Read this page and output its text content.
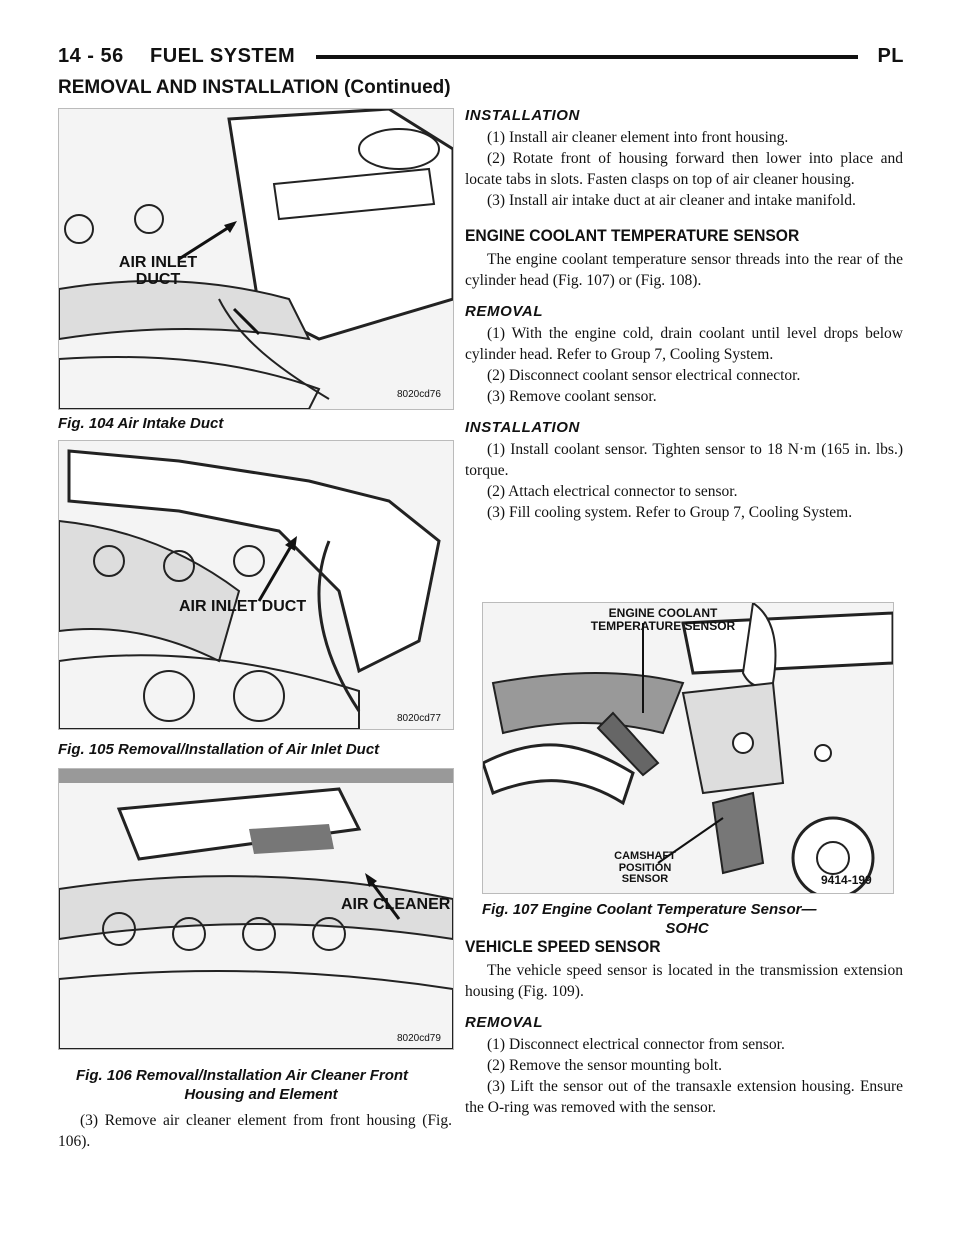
14 - 56 FUEL SYSTEM	PL
REMOVAL AND INSTALLATION (Continued)
AIR INLET DUCT
8020cd76
Fig. 104 Air Intake Duct
AIR INLET DUCT
8020cd77
Fig. 105 Removal/Installation of Air Inlet Duct
AIR CLEANER
8020cd79
Fig. 106 Removal/Installation Air Cleaner Front
Housing and Element

(3) Remove air cleaner element from front housing (Fig. 106).

INSTALLATION

(1) Install air cleaner element into front housing.

(2) Rotate front of housing forward then lower into place and locate tabs in slots. Fasten clasps on top of air cleaner housing.

(3) Install air intake duct at air cleaner and intake manifold.

ENGINE COOLANT TEMPERATURE SENSOR

The engine coolant temperature sensor threads into the rear of the cylinder head (Fig. 107) or (Fig. 108).

REMOVAL

(1) With the engine cold, drain coolant until level drops below cylinder head. Refer to Group 7, Cooling System.

(2) Disconnect coolant sensor electrical connector.

(3) Remove coolant sensor.

INSTALLATION

(1) Install coolant sensor. Tighten sensor to 18 N·m (165 in. lbs.) torque.

(2) Attach electrical connector to sensor.

(3) Fill cooling system. Refer to Group 7, Cooling System.

ENGINE COOLANT TEMPERATURE SENSOR
CAMSHAFT POSITION SENSOR	9414-199
Fig. 107 Engine Coolant Temperature Sensor—
SOHC
VEHICLE SPEED SENSOR

The vehicle speed sensor is located in the transmission extension housing (Fig. 109).

REMOVAL

(1) Disconnect electrical connector from sensor.

(2) Remove the sensor mounting bolt.

(3) Lift the sensor out of the transaxle extension housing. Ensure the O-ring was removed with the sensor.
